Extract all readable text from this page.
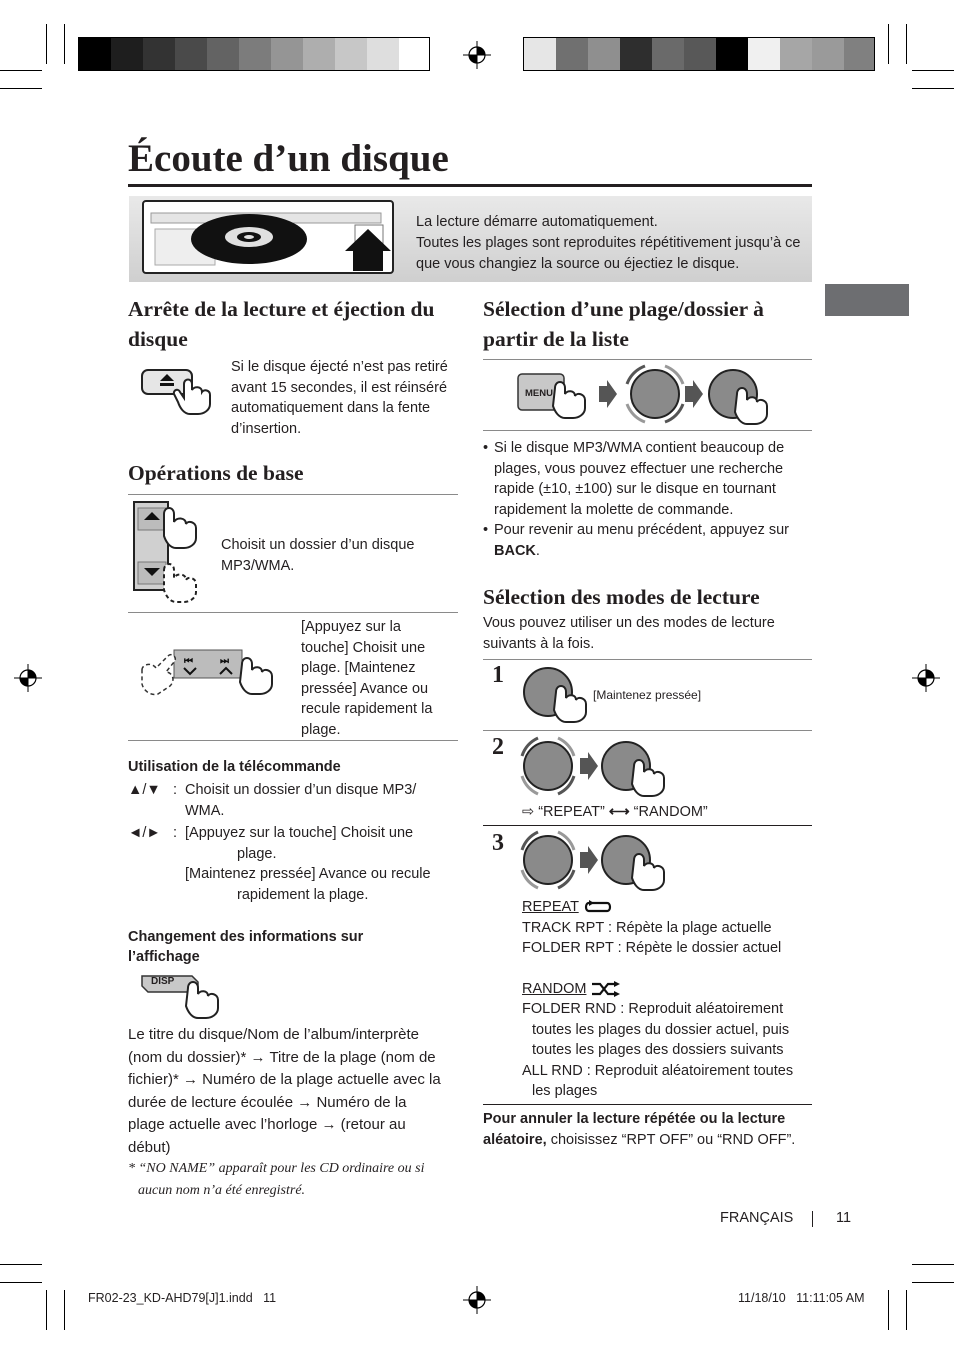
Écoute d’un disque

La lecture démarre automatiquement.

Toutes les plages sont reproduites répétitivement jusqu’à ce que vous changiez la source ou éjectiez le disque.

Arrête de la lecture et éjection du disque
Si le disque éjecté n’est pas retiré avant 15 secondes, il est réinséré automatiquement dans la fente d’insertion.
Opérations de base
Choisit un dossier d’un disque MP3/WMA.
⏮	⏭
[Appuyez sur la touche] Choisit une plage. [Maintenez pressée] Avance ou recule rapidement la plage.
Utilisation de la télécommande
▲/▼ : Choisit un dossier d’un disque MP3/ WMA.
◄/► : [Appuyez sur la touche] Choisit une plage.
[Maintenez pressée] Avance ou recule rapidement la plage.
Changement des informations sur l’affichage
DISP
Le titre du disque/Nom de l’album/interprète (nom du dossier)* → Titre de la plage (nom de fichier)* → Numéro de la plage actuelle avec la durée de lecture écoulée → Numéro de la plage actuelle avec l’horloge → (retour au début)
* “NO NAME” apparaît pour les CD ordinaire ou si aucun nom n’a été enregistré.
Sélection d’une plage/dossier à partir de la liste
MENU
• Si le disque MP3/WMA contient beaucoup de plages, vous pouvez effectuer une recherche rapide (±10, ±100) sur le disque en tournant rapidement la molette de commande.
• Pour revenir au menu précédent, appuyez sur BACK.
Sélection des modes de lecture
Vous pouvez utiliser un des modes de lecture suivants à la fois.
1
[Maintenez pressée]
2
⇨ “REPEAT” ⟷ “RANDOM”
3
REPEAT
TRACK RPT : Répète la plage actuelle
FOLDER RPT : Répète le dossier actuel
RANDOM
FOLDER RND : Reproduit aléatoirement toutes les plages du dossier actuel, puis toutes les plages des dossiers suivants
ALL RND : Reproduit aléatoirement toutes les plages
Pour annuler la lecture répétée ou la lecture aléatoire, choisissez “RPT OFF” ou “RND OFF”.
FRANÇAIS	11
FR02-23_KD-AHD79[J]1.indd   11	11/18/10   11:11:05 AM
